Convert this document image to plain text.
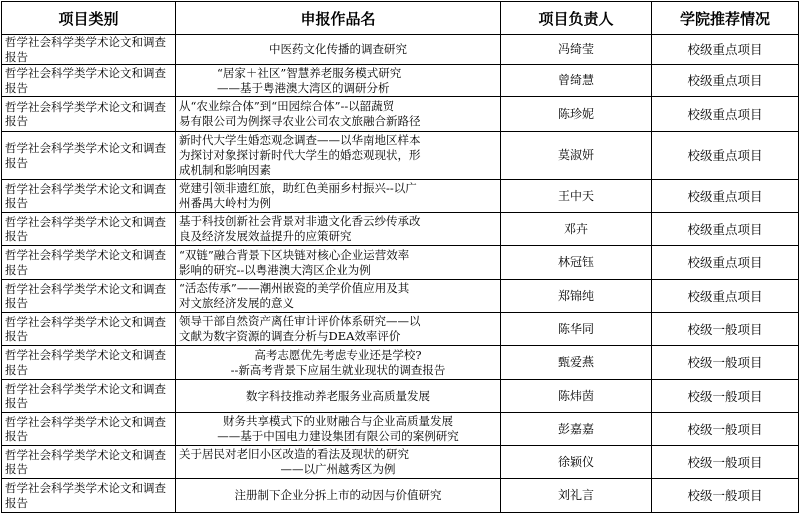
项目类别	申报作品名	项目负责人	学院推荐情况
哲学社会科学类学术论文和调查报告	中医药文化传播的调查研究	冯绮莹	校级重点项目
哲学社会科学类学术论文和调查报告	“居家＋社区”智慧养老服务模式研究
——基于粤港澳大湾区的调研分析	曾绮慧	校级重点项目
哲学社会科学类学术论文和调查报告	从“农业综合体”到“田园综合体”--以韶蔬贸
易有限公司为例探寻农业公司农文旅融合新路径	陈珍妮	校级重点项目
哲学社会科学类学术论文和调查报告	新时代大学生婚恋观念调查——以华南地区样本
为探讨对象探讨新时代大学生的婚恋观现状，形
成机制和影响因素	莫淑妍	校级重点项目
哲学社会科学类学术论文和调查报告	党建引领非遗红旅，助红色美丽乡村振兴--以广
州番禺大岭村为例	王中天	校级重点项目
哲学社会科学类学术论文和调查报告	基于科技创新社会背景对非遗文化香云纱传承改
良及经济发展效益提升的应策研究	邓卉	校级重点项目
哲学社会科学类学术论文和调查报告	“双链”融合背景下区块链对核心企业运营效率
影响的研究--以粤港澳大湾区企业为例	林冠钰	校级重点项目
哲学社会科学类学术论文和调查报告	“活态传承”——潮州嵌瓷的美学价值应用及其
对文旅经济发展的意义	郑锦纯	校级重点项目
哲学社会科学类学术论文和调查报告	领导干部自然资产离任审计评价体系研究——以
文献为数字资源的调查分析与DEA效率评价	陈华同	校级一般项目
哲学社会科学类学术论文和调查报告	高考志愿优先考虑专业还是学校?
--新高考背景下应届生就业现状的调查报告	甄爱燕	校级一般项目
哲学社会科学类学术论文和调查报告	数字科技推动养老服务业高质量发展	陈炜茵	校级一般项目
哲学社会科学类学术论文和调查报告	财务共享模式下的业财融合与企业高质量发展
——基于中国电力建设集团有限公司的案例研究	彭嘉嘉	校级一般项目
哲学社会科学类学术论文和调查报告	关于居民对老旧小区改造的看法及现状的研究
——以广州越秀区为例	徐颖仪	校级一般项目
哲学社会科学类学术论文和调查报告	注册制下企业分拆上市的动因与价值研究	刘礼言	校级一般项目
